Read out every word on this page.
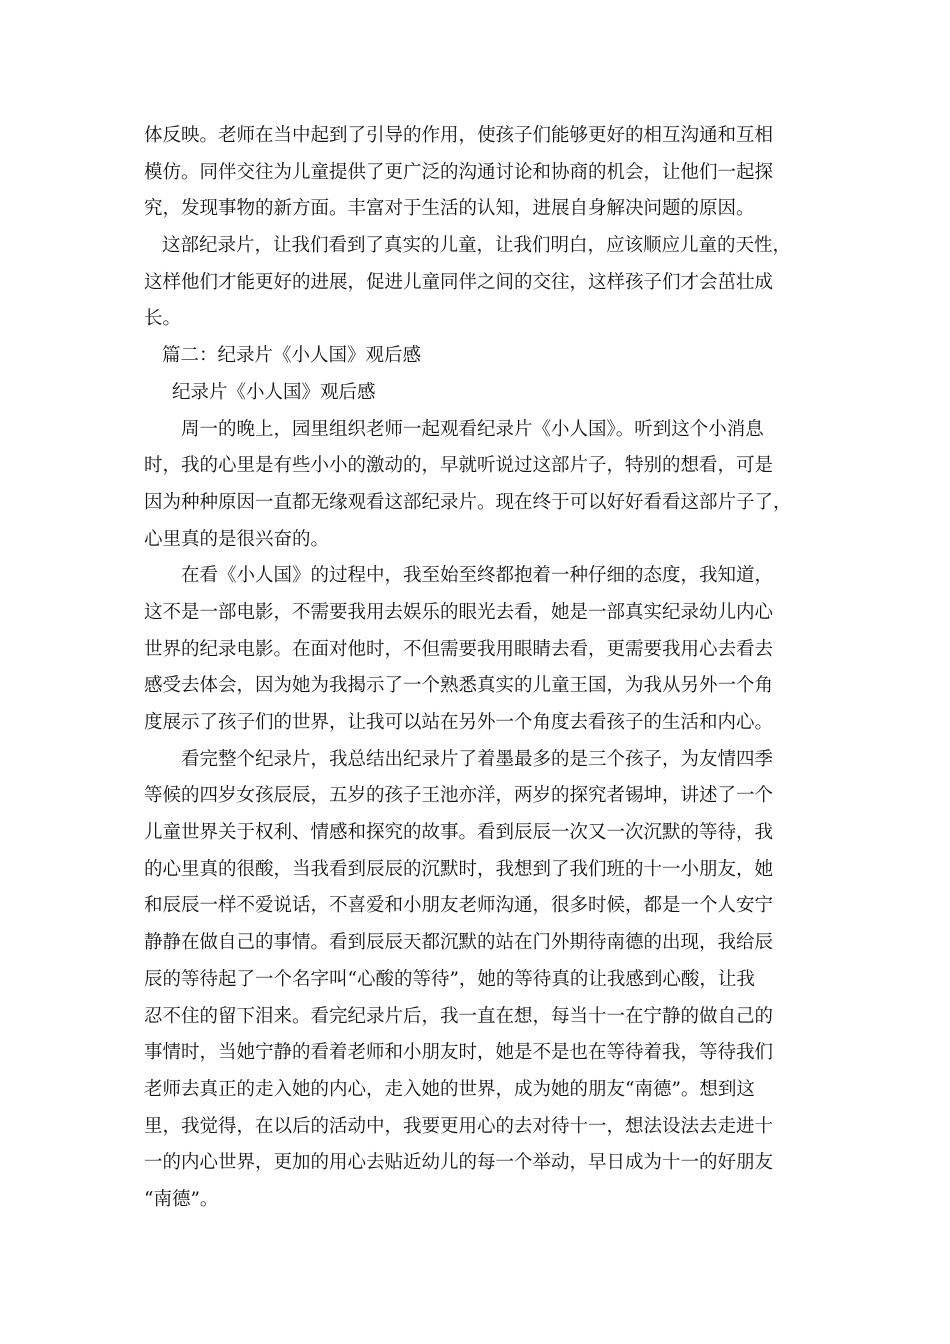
体反映。老师在当中起到了引导的作用，使孩子们能够更好的相互沟通和互相
模仿。同伴交往为儿童提供了更广泛的沟通讨论和协商的机会，让他们一起探
究，发现事物的新方面。丰富对于生活的认知，进展自身解决问题的原因。
这部纪录片，让我们看到了真实的儿童，让我们明白，应该顺应儿童的天性，
这样他们才能更好的进展，促进儿童同伴之间的交往，这样孩子们才会茁壮成
长。
篇二：纪录片《小人国》观后感
纪录片《小人国》观后感
周一的晚上，园里组织老师一起观看纪录片《小人国》。听到这个小消息
时，我的心里是有些小小的激动的，早就听说过这部片子，特别的想看，可是
因为种种原因一直都无缘观看这部纪录片。现在终于可以好好看看这部片子了，
心里真的是很兴奋的。
在看《小人国》的过程中，我至始至终都抱着一种仔细的态度，我知道，
这不是一部电影，不需要我用去娱乐的眼光去看，她是一部真实纪录幼儿内心
世界的纪录电影。在面对他时，不但需要我用眼睛去看，更需要我用心去看去
感受去体会，因为她为我揭示了一个熟悉真实的儿童王国，为我从另外一个角
度展示了孩子们的世界，让我可以站在另外一个角度去看孩子的生活和内心。
看完整个纪录片，我总结出纪录片了着墨最多的是三个孩子，为友情四季
等候的四岁女孩辰辰，五岁的孩子王池亦洋，两岁的探究者锡坤，讲述了一个
儿童世界关于权利、情感和探究的故事。看到辰辰一次又一次沉默的等待，我
的心里真的很酸，当我看到辰辰的沉默时，我想到了我们班的十一小朋友，她
和辰辰一样不爱说话，不喜爱和小朋友老师沟通，很多时候，都是一个人安宁
静静在做自己的事情。看到辰辰天都沉默的站在门外期待南德的出现，我给辰
辰的等待起了一个名字叫“心酸的等待”，她的等待真的让我感到心酸，让我
忍不住的留下泪来。看完纪录片后，我一直在想，每当十一在宁静的做自己的
事情时，当她宁静的看着老师和小朋友时，她是不是也在等待着我，等待我们
老师去真正的走入她的内心，走入她的世界，成为她的朋友“南德”。想到这
里，我觉得，在以后的活动中，我要更用心的去对待十一，想法设法去走进十
一的内心世界，更加的用心去贴近幼儿的每一个举动，早日成为十一的好朋友
“南德”。
